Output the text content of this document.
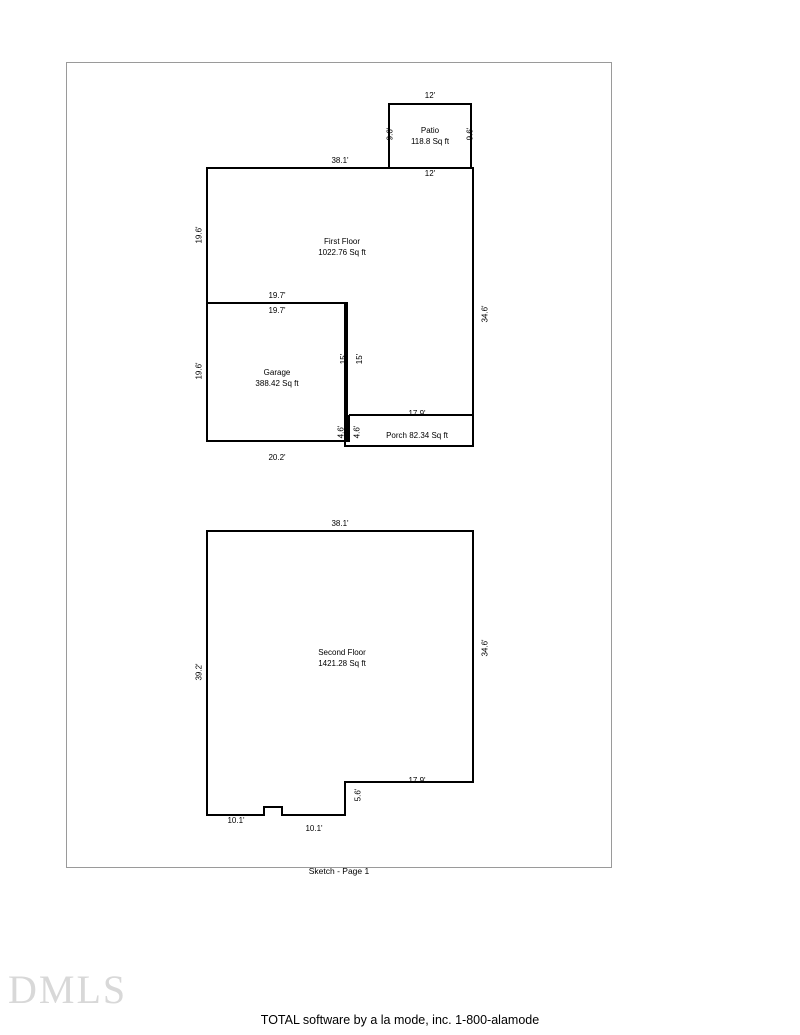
12'
12'
9.6'	9.6'
Patio
118.8 Sq ft
38.1'
19.6'
34.6'
19.7'
First Floor
1022.76 Sq ft
19.7'
19.6'
15' 15'
20.2'
4.6'
Garage
388.42 Sq ft
4.6'
17.9'
Porch 82.34 Sq ft
38.1'
39.2'
34.6'
5.6'
17.9'
10.1'
10.1'
Second Floor
1421.28 Sq ft
Sketch - Page 1
DMLS
TOTAL software by a la mode, inc. 1-800-alamode
